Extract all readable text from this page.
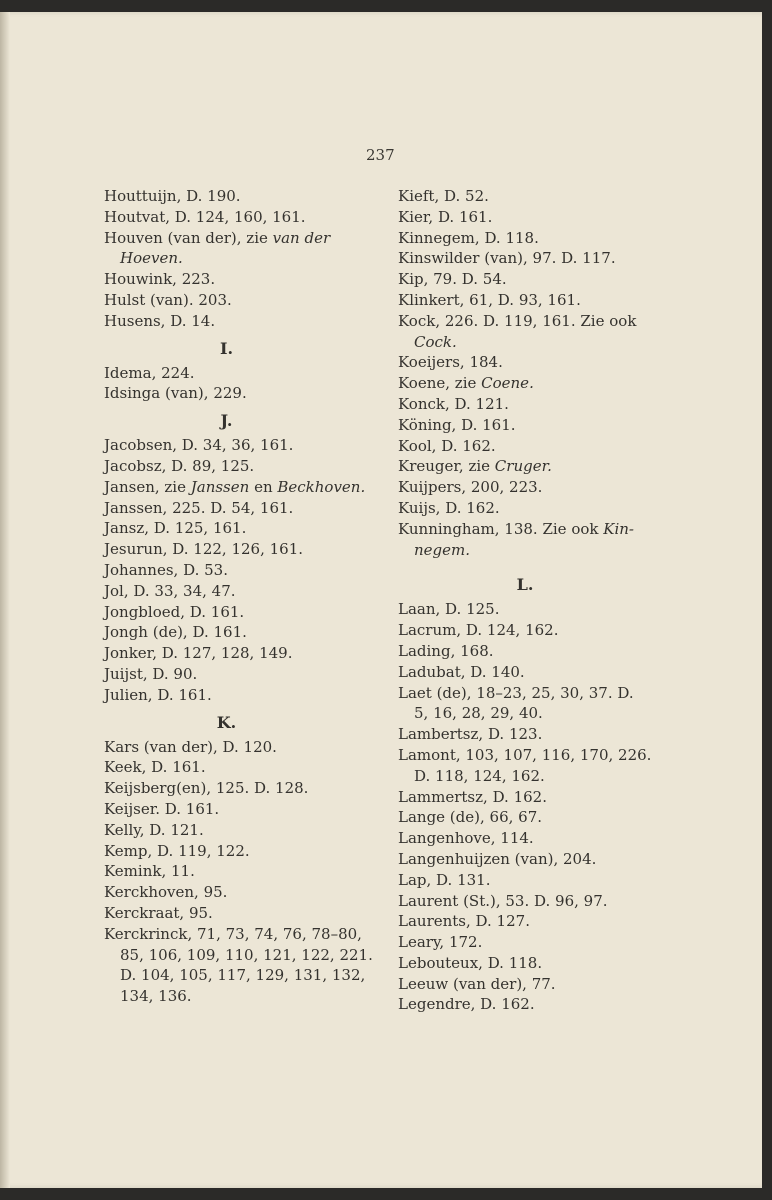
237
Houttuijn, D. 190.
Houtvat, D. 124, 160, 161.
Houven (van der), zie van der
Hoeven.
Houwink, 223.
Hulst (van). 203.
Husens, D. 14.
I.
Idema, 224.
Idsinga (van), 229.
J.
Jacobsen, D. 34, 36, 161.
Jacobsz, D. 89, 125.
Jansen, zie Janssen en Beckhoven.
Janssen, 225. D. 54, 161.
Jansz, D. 125, 161.
Jesurun, D. 122, 126, 161.
Johannes, D. 53.
Jol, D. 33, 34, 47.
Jongbloed, D. 161.
Jongh (de), D. 161.
Jonker, D. 127, 128, 149.
Juijst, D. 90.
Julien, D. 161.
K.
Kars (van der), D. 120.
Keek, D. 161.
Keijsberg(en), 125. D. 128.
Keijser. D. 161.
Kelly, D. 121.
Kemp, D. 119, 122.
Kemink, 11.
Kerckhoven, 95.
Kerckraat, 95.
Kerckrinck, 71, 73, 74, 76, 78–80,
85, 106, 109, 110, 121, 122, 221.
D. 104, 105, 117, 129, 131, 132,
134, 136.
Kieft, D. 52.
Kier, D. 161.
Kinnegem, D. 118.
Kinswilder (van), 97. D. 117.
Kip, 79. D. 54.
Klinkert, 61, D. 93, 161.
Kock, 226. D. 119, 161. Zie ook
Cock.
Koeijers, 184.
Koene, zie Coene.
Konck, D. 121.
Köning, D. 161.
Kool, D. 162.
Kreuger, zie Cruger.
Kuijpers, 200, 223.
Kuijs, D. 162.
Kunningham, 138. Zie ook Kin-
negem.
L.
Laan, D. 125.
Lacrum, D. 124, 162.
Lading, 168.
Ladubat, D. 140.
Laet (de), 18–23, 25, 30, 37. D.
5, 16, 28, 29, 40.
Lambertsz, D. 123.
Lamont, 103, 107, 116, 170, 226.
D. 118, 124, 162.
Lammertsz, D. 162.
Lange (de), 66, 67.
Langenhove, 114.
Langenhuijzen (van), 204.
Lap, D. 131.
Laurent (St.), 53. D. 96, 97.
Laurents, D. 127.
Leary, 172.
Lebouteux, D. 118.
Leeuw (van der), 77.
Legendre, D. 162.
